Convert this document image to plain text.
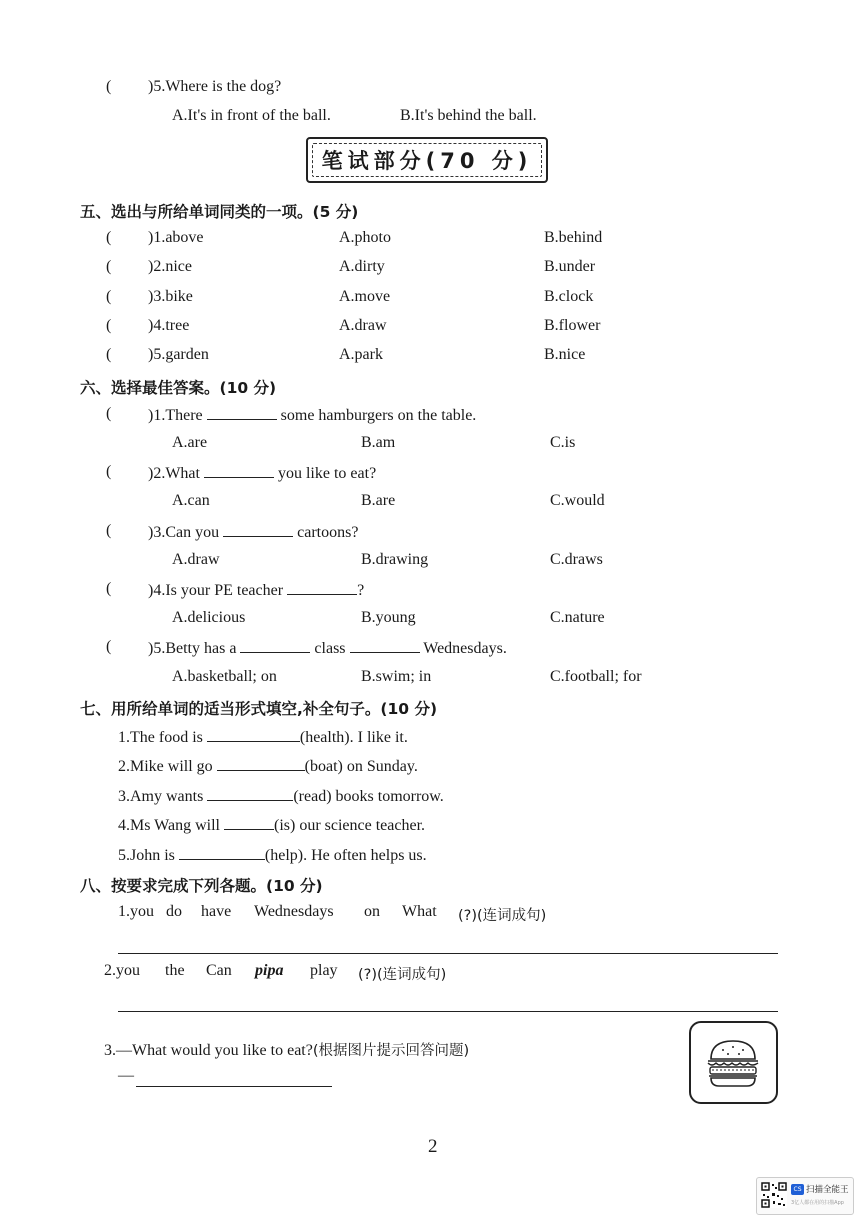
( )5.Where is the dog?
A.It's in front of the ball.	B.It's behind the ball.
笔试部分(70 分)
五、选出与所给单词同类的一项。(5 分)
( )1.above	A.photo	B.behind
( )2.nice	A.dirty	B.under
( )3.bike	A.move	B.clock
( )4.tree	A.draw	B.flower
( )5.garden	A.park	B.nice
六、选择最佳答案。(10 分)
( )1.There	some hamburgers on the table.
A.are	B.am	C.is
( )2.What	you like to eat?
A.can	B.are	C.would
( )3.Can you	cartoons?
A.draw	B.drawing	C.draws
( )4.Is your PE teacher	?
A.delicious	B.young	C.nature
( )5.Betty has a	class	Wednesdays.
A.basketball; on	B.swim; in	C.football; for
七、用所给单词的适当形式填空,补全句子。(10 分)
1.The food is	(health). I like it.
2.Mike will go	(boat) on Sunday.
3.Amy wants	(read) books tomorrow.
4.Ms Wang will	(is) our science teacher.
5.John is	(help). He often helps us.
八、按要求完成下列各题。(10 分)
1.you do have Wednesdays on What (?)(连词成句)
2.you the Can pipa play (?)(连词成句)
3.—What would you like to eat?(根据图片提示回答问题)
—
2
CS 扫描全能王
3亿人都在用的扫描App
